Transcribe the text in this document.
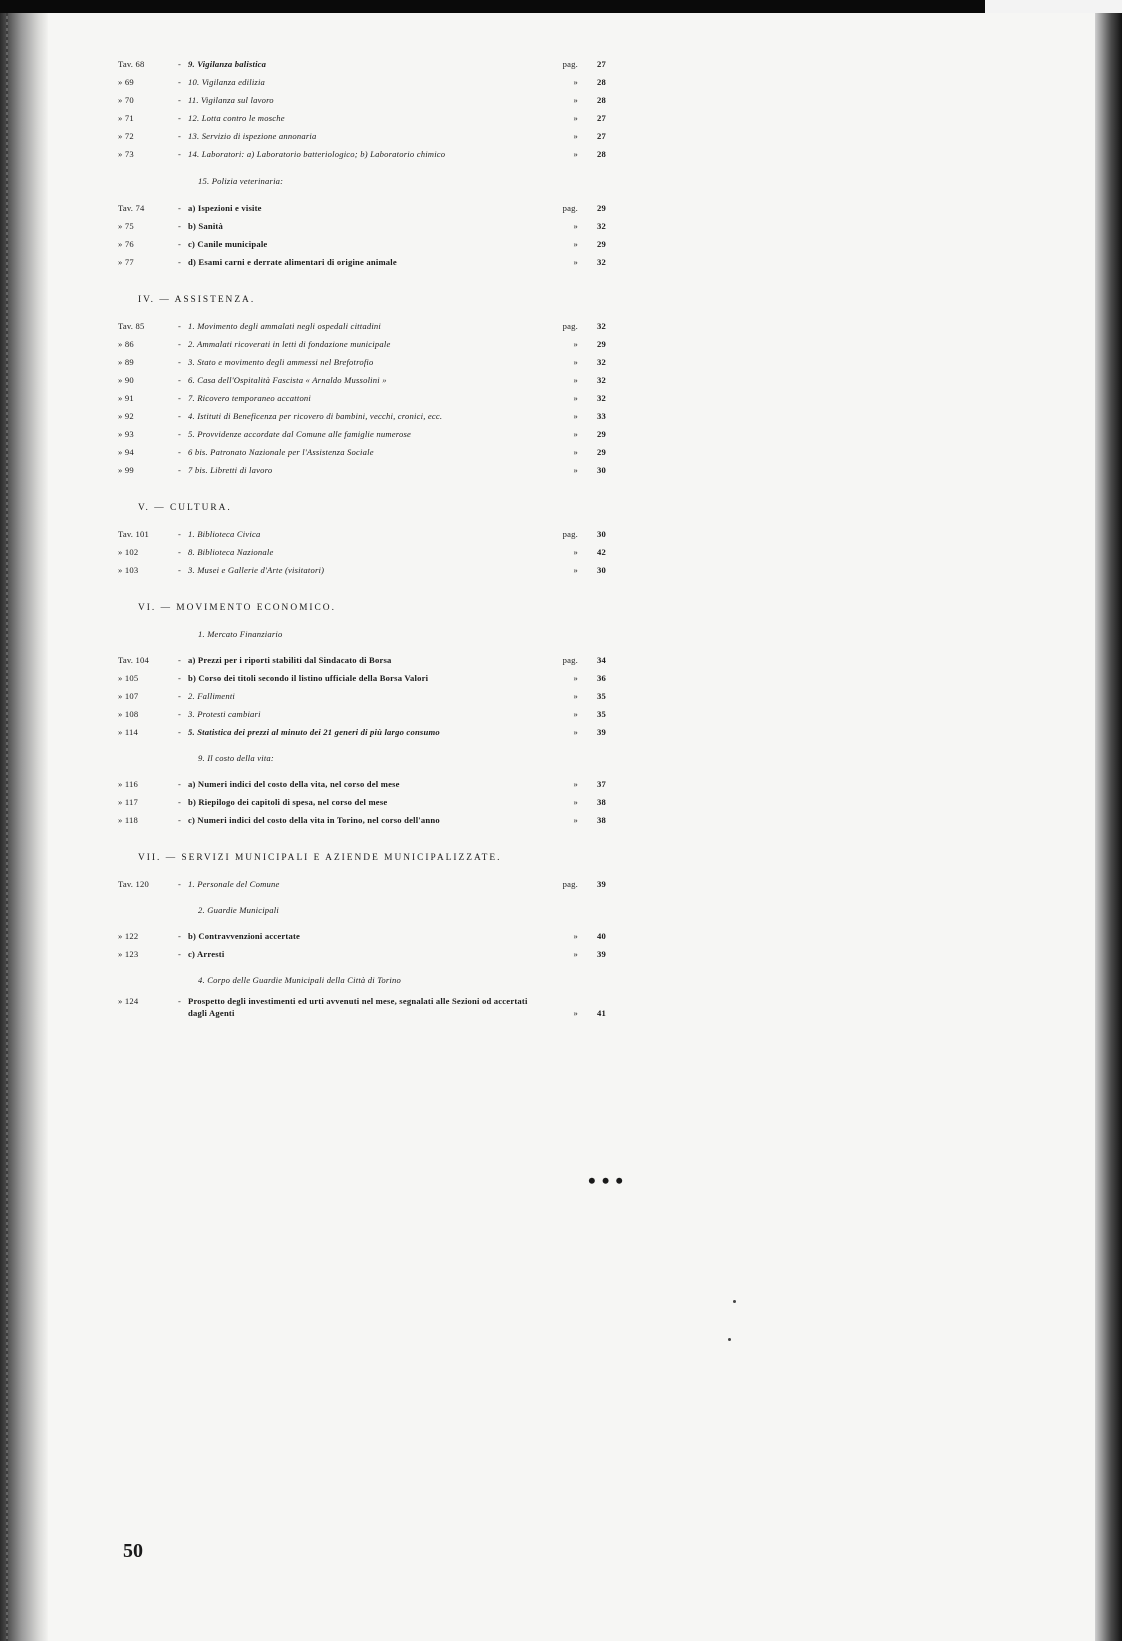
Tav. 68	- 9. Vigilanza balistica	pag.	27
» 69	- 10. Vigilanza edilizia	»	28
» 70	- 11. Vigilanza sul lavoro	»	28
» 71	- 12. Lotta contro le mosche	»	27
» 72	- 13. Servizio di ispezione annonaria	»	27
» 73	- 14. Laboratori: a) Laboratorio batteriologico; b) Laboratorio chimico	»	28
15. Polizia veterinaria:
Tav. 74	- a) Ispezioni e visite	pag.	29
» 75	- b) Sanità	»	32
» 76	- c) Canile municipale	»	29
» 77	- d) Esami carni e derrate alimentari di origine animale	»	32
IV. — ASSISTENZA.
Tav. 85	- 1. Movimento degli ammalati negli ospedali cittadini	pag.	32
» 86	- 2. Ammalati ricoverati in letti di fondazione municipale	»	29
» 89	- 3. Stato e movimento degli ammessi nel Brefotrofio	»	32
» 90	- 6. Casa dell'Ospitalità Fascista « Arnaldo Mussolini »	»	32
» 91	- 7. Ricovero temporaneo accattoni	»	32
» 92	- 4. Istituti di Beneficenza per ricovero di bambini, vecchi, cronici, ecc.	»	33
» 93	- 5. Provvidenze accordate dal Comune alle famiglie numerose	»	29
» 94	- 6 bis. Patronato Nazionale per l'Assistenza Sociale	»	29
» 99	- 7 bis. Libretti di lavoro	»	30
V. — CULTURA.
Tav. 101	- 1. Biblioteca Civica	pag.	30
» 102	- 8. Biblioteca Nazionale	»	42
» 103	- 3. Musei e Gallerie d'Arte (visitatori)	»	30
VI. — MOVIMENTO ECONOMICO.
1. Mercato Finanziario
Tav. 104	- a) Prezzi per i riporti stabiliti dal Sindacato di Borsa	pag.	34
» 105	- b) Corso dei titoli secondo il listino ufficiale della Borsa Valori	»	36
» 107	- 2. Fallimenti	»	35
» 108	- 3. Protesti cambiari	»	35
» 114	- 5. Statistica dei prezzi al minuto dei 21 generi di più largo consumo	»	39
9. Il costo della vita:
» 116	- a) Numeri indici del costo della vita, nel corso del mese	»	37
» 117	- b) Riepilogo dei capitoli di spesa, nel corso del mese	»	38
» 118	- c) Numeri indici del costo della vita in Torino, nel corso dell'anno	»	38
VII. — SERVIZI MUNICIPALI E AZIENDE MUNICIPALIZZATE.
Tav. 120	- 1. Personale del Comune	pag.	39
2. Guardie Municipali
» 122	- b) Contravvenzioni accertate	»	40
» 123	- c) Arresti	»	39
4. Corpo delle Guardie Municipali della Città di Torino
» 124	- Prospetto degli investimenti ed urti avvenuti nel mese, segnalati alle Sezioni od accertati dagli Agenti	»	41
•••
50
